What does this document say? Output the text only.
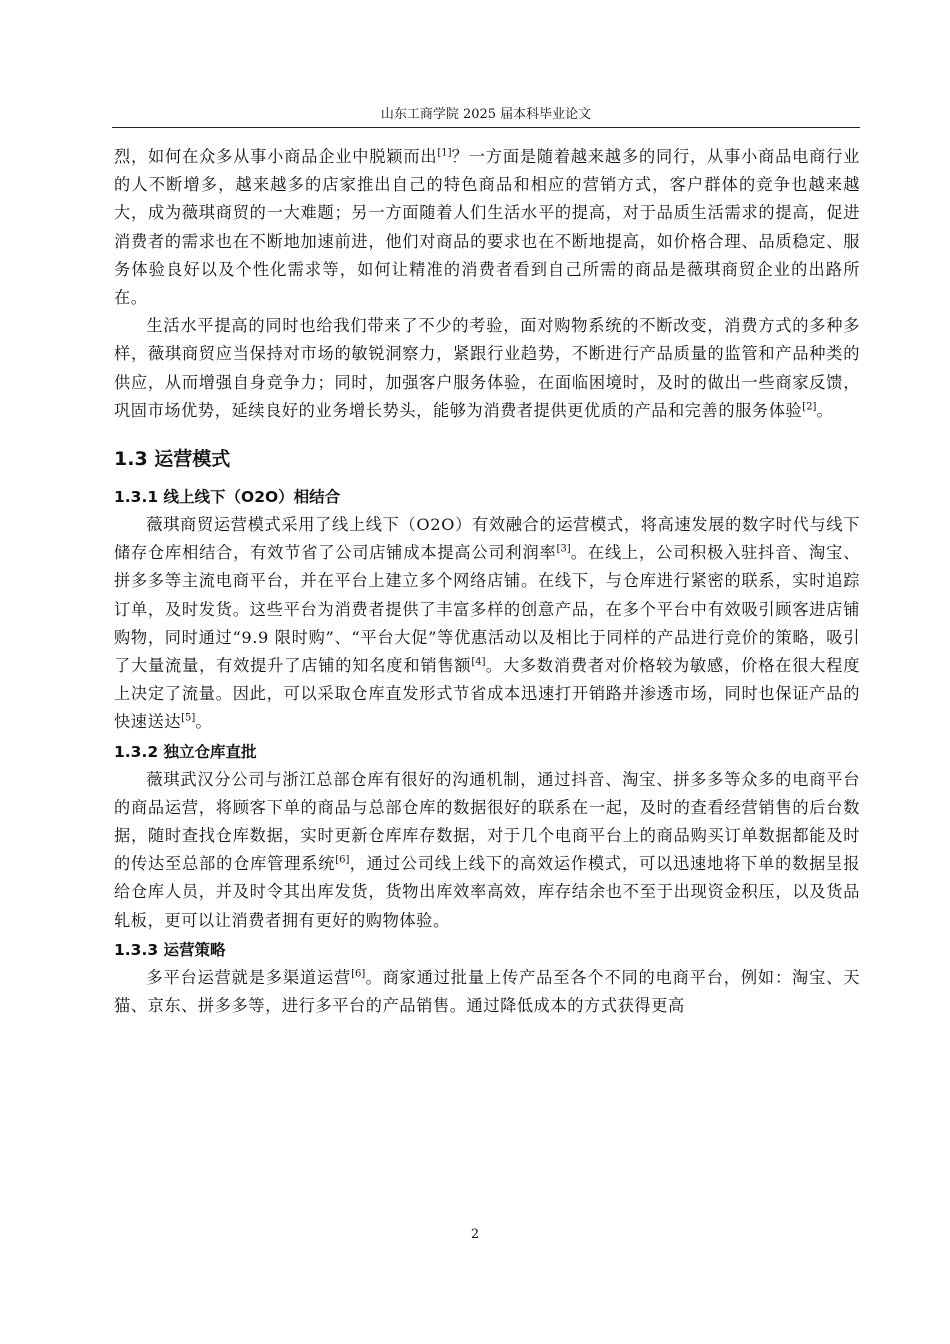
山东工商学院 2025 届本科毕业论文

烈，如何在众多从事小商品企业中脱颖而出[1]？一方面是随着越来越多的同行，从事小商品电商行业的人不断增多，越来越多的店家推出自己的特色商品和相应的营销方式，客户群体的竞争也越来越大，成为薇琪商贸的一大难题；另一方面随着人们生活水平的提高，对于品质生活需求的提高，促进消费者的需求也在不断地加速前进，他们对商品的要求也在不断地提高，如价格合理、品质稳定、服务体验良好以及个性化需求等，如何让精准的消费者看到自己所需的商品是薇琪商贸企业的出路所在。

生活水平提高的同时也给我们带来了不少的考验，面对购物系统的不断改变，消费方式的多种多样，薇琪商贸应当保持对市场的敏锐洞察力，紧跟行业趋势，不断进行产品质量的监管和产品种类的供应，从而增强自身竞争力；同时，加强客户服务体验，在面临困境时，及时的做出一些商家反馈，巩固市场优势，延续良好的业务增长势头，能够为消费者提供更优质的产品和完善的服务体验[2]。

1.3 运营模式
1.3.1 线上线下（O2O）相结合

薇琪商贸运营模式采用了线上线下（O2O）有效融合的运营模式，将高速发展的数字时代与线下储存仓库相结合，有效节省了公司店铺成本提高公司利润率[3]。在线上，公司积极入驻抖音、淘宝、拼多多等主流电商平台，并在平台上建立多个网络店铺。在线下，与仓库进行紧密的联系，实时追踪订单，及时发货。这些平台为消费者提供了丰富多样的创意产品，在多个平台中有效吸引顾客进店铺购物，同时通过“9.9 限时购”、“平台大促”等优惠活动以及相比于同样的产品进行竞价的策略，吸引了大量流量，有效提升了店铺的知名度和销售额[4]。大多数消费者对价格较为敏感，价格在很大程度上决定了流量。因此，可以采取仓库直发形式节省成本迅速打开销路并渗透市场，同时也保证产品的快速送达[5]。

1.3.2 独立仓库直批

薇琪武汉分公司与浙江总部仓库有很好的沟通机制，通过抖音、淘宝、拼多多等众多的电商平台的商品运营，将顾客下单的商品与总部仓库的数据很好的联系在一起，及时的查看经营销售的后台数据，随时查找仓库数据，实时更新仓库库存数据，对于几个电商平台上的商品购买订单数据都能及时的传达至总部的仓库管理系统[6]，通过公司线上线下的高效运作模式，可以迅速地将下单的数据呈报给仓库人员，并及时令其出库发货，货物出库效率高效，库存结余也不至于出现资金积压，以及货品轧板，更可以让消费者拥有更好的购物体验。

1.3.3 运营策略

多平台运营就是多渠道运营[6]。商家通过批量上传产品至各个不同的电商平台，例如：淘宝、天猫、京东、拼多多等，进行多平台的产品销售。通过降低成本的方式获得更高

2
